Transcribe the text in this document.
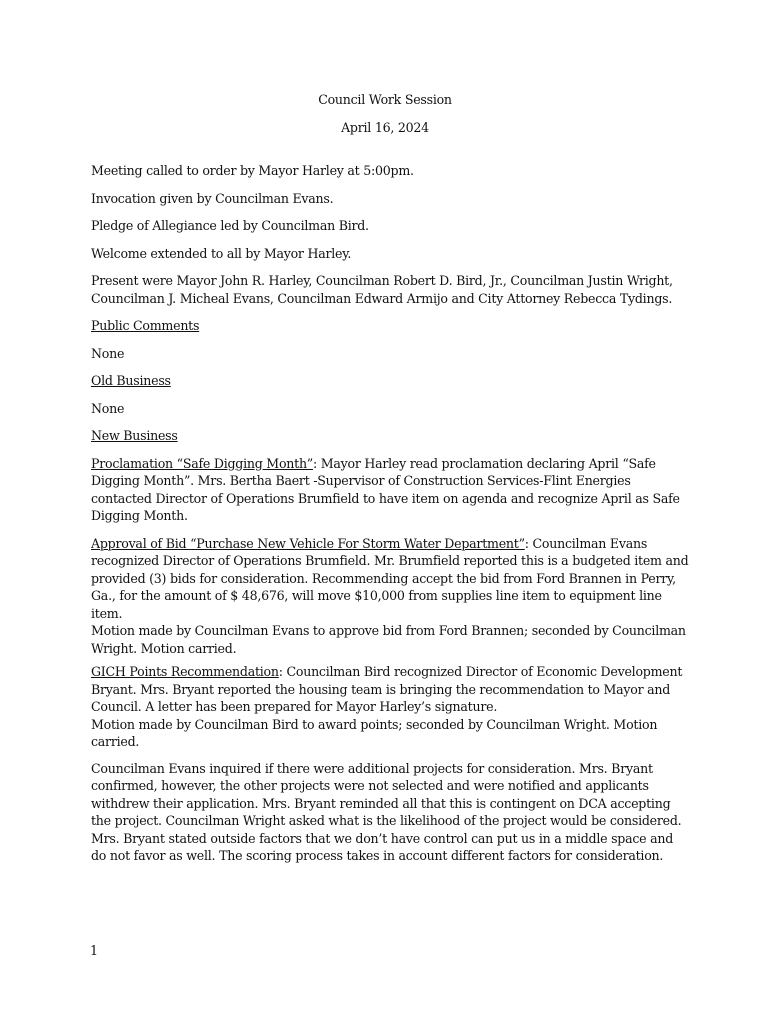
Council Work Session
April 16, 2024

Meeting called to order by Mayor Harley at 5:00pm.

Invocation given by Councilman Evans.

Pledge of Allegiance led by Councilman Bird.

Welcome extended to all by Mayor Harley.

Present were Mayor John R. Harley, Councilman Robert D. Bird, Jr., Councilman Justin Wright, Councilman J. Micheal Evans, Councilman Edward Armijo and City Attorney Rebecca Tydings.

Public Comments

None

Old Business

None

New Business

Proclamation “Safe Digging Month”: Mayor Harley read proclamation declaring April “Safe Digging Month”. Mrs. Bertha Baert -Supervisor of Construction Services-Flint Energies contacted Director of Operations Brumfield to have item on agenda and recognize April as Safe Digging Month.

Approval of Bid “Purchase New Vehicle For Storm Water Department”: Councilman Evans recognized Director of Operations Brumfield. Mr. Brumfield reported this is a budgeted item and provided (3) bids for consideration. Recommending accept the bid from Ford Brannen in Perry, Ga., for the amount of $ 48,676, will move $10,000 from supplies line item to equipment line item.

Motion made by Councilman Evans to approve bid from Ford Brannen; seconded by Councilman Wright. Motion carried.

GICH Points Recommendation: Councilman Bird recognized Director of Economic Development Bryant. Mrs. Bryant reported the housing team is bringing the recommendation to Mayor and Council. A letter has been prepared for Mayor Harley’s signature.

Motion made by Councilman Bird to award points; seconded by Councilman Wright. Motion carried.

Councilman Evans inquired if there were additional projects for consideration. Mrs. Bryant confirmed, however, the other projects were not selected and were notified and applicants withdrew their application. Mrs. Bryant reminded all that this is contingent on DCA accepting the project. Councilman Wright asked what is the likelihood of the project would be considered. Mrs. Bryant stated outside factors that we don’t have control can put us in a middle space and do not favor as well. The scoring process takes in account different factors for consideration.

1
